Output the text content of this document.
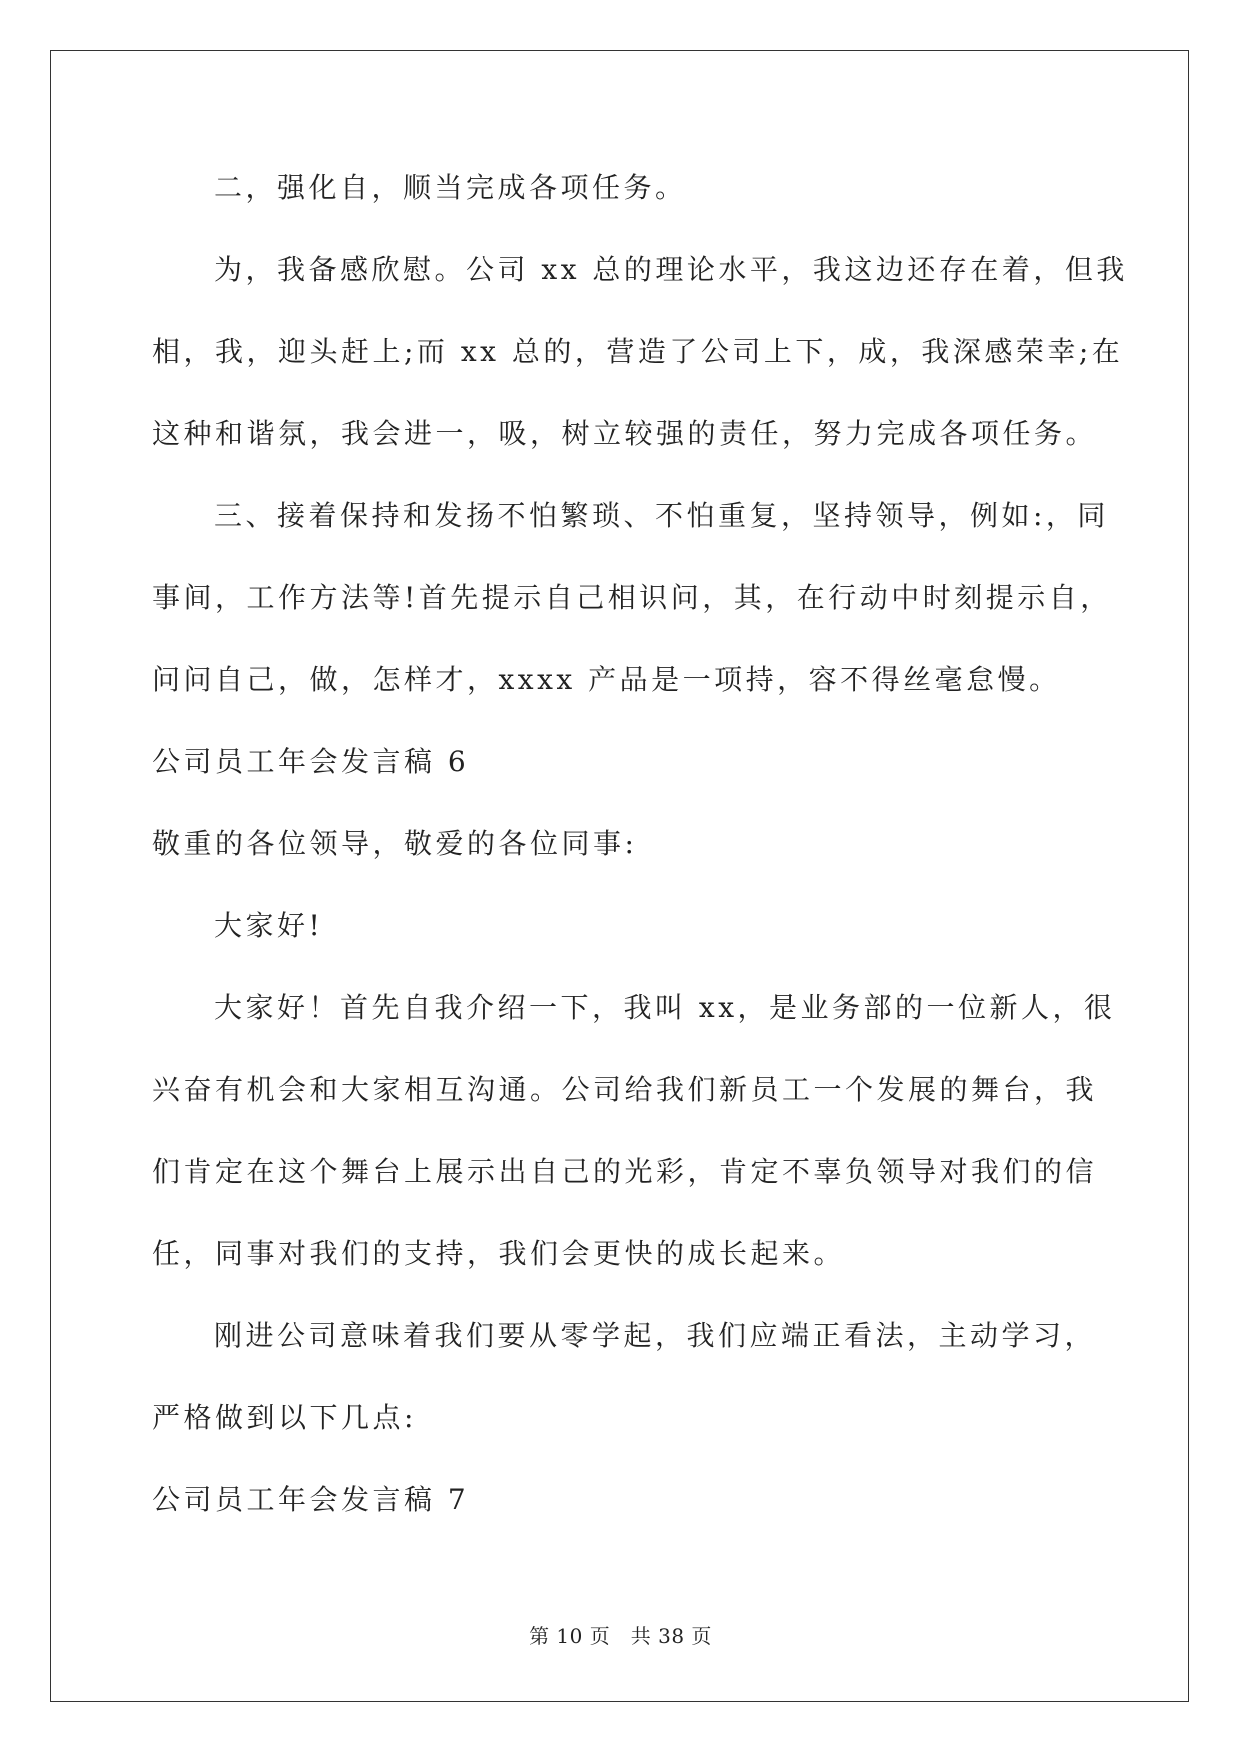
二，强化自，顺当完成各项任务。
为，我备感欣慰。公司 xx 总的理论水平，我这边还存在着，但我
相，我，迎头赶上;而 xx 总的，营造了公司上下，成，我深感荣幸;在
这种和谐氛，我会进一，吸，树立较强的责任，努力完成各项任务。
三、接着保持和发扬不怕繁琐、不怕重复，坚持领导，例如:，同
事间，工作方法等!首先提示自己相识问，其，在行动中时刻提示自，
问问自己，做，怎样才，xxxx 产品是一项持，容不得丝毫怠慢。
公司员工年会发言稿 6
敬重的各位领导，敬爱的各位同事:
大家好!
大家好！首先自我介绍一下，我叫 xx，是业务部的一位新人，很
兴奋有机会和大家相互沟通。公司给我们新员工一个发展的舞台，我
们肯定在这个舞台上展示出自己的光彩，肯定不辜负领导对我们的信
任，同事对我们的支持，我们会更快的成长起来。
刚进公司意味着我们要从零学起，我们应端正看法，主动学习，
严格做到以下几点:
公司员工年会发言稿 7
第 10 页　共 38 页
